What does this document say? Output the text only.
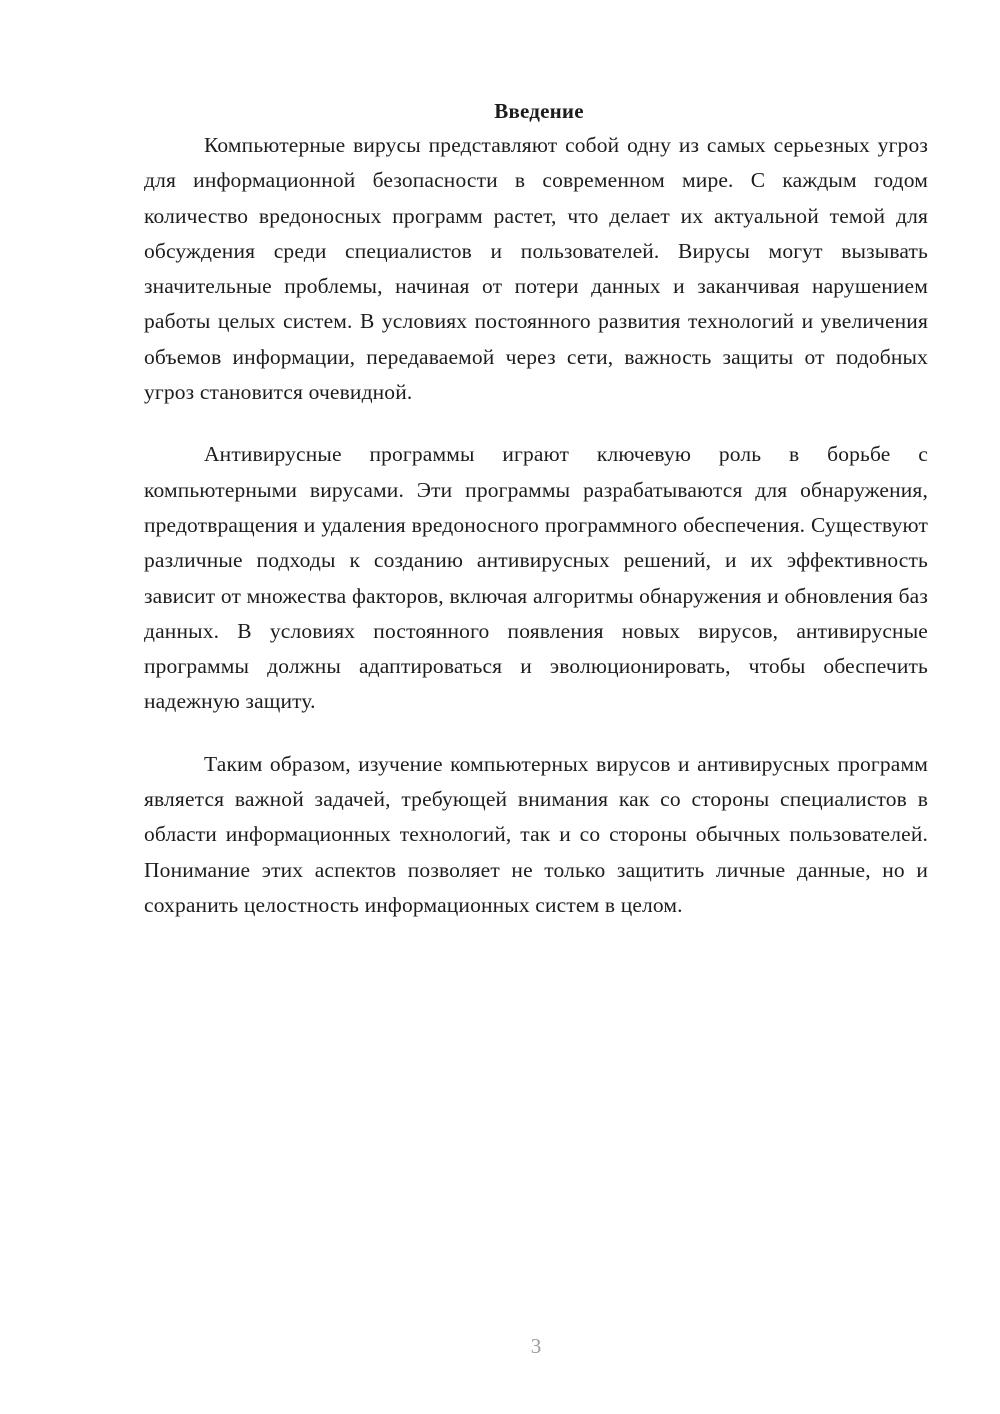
Введение

Компьютерные вирусы представляют собой одну из самых серьезных угроз для информационной безопасности в современном мире. С каждым годом количество вредоносных программ растет, что делает их актуальной темой для обсуждения среди специалистов и пользователей. Вирусы могут вызывать значительные проблемы, начиная от потери данных и заканчивая нарушением работы целых систем. В условиях постоянного развития технологий и увеличения объемов информации, передаваемой через сети, важность защиты от подобных угроз становится очевидной.

Антивирусные программы играют ключевую роль в борьбе с компьютерными вирусами. Эти программы разрабатываются для обнаружения, предотвращения и удаления вредоносного программного обеспечения. Существуют различные подходы к созданию антивирусных решений, и их эффективность зависит от множества факторов, включая алгоритмы обнаружения и обновления баз данных. В условиях постоянного появления новых вирусов, антивирусные программы должны адаптироваться и эволюционировать, чтобы обеспечить надежную защиту.

Таким образом, изучение компьютерных вирусов и антивирусных программ является важной задачей, требующей внимания как со стороны специалистов в области информационных технологий, так и со стороны обычных пользователей. Понимание этих аспектов позволяет не только защитить личные данные, но и сохранить целостность информационных систем в целом.

3
